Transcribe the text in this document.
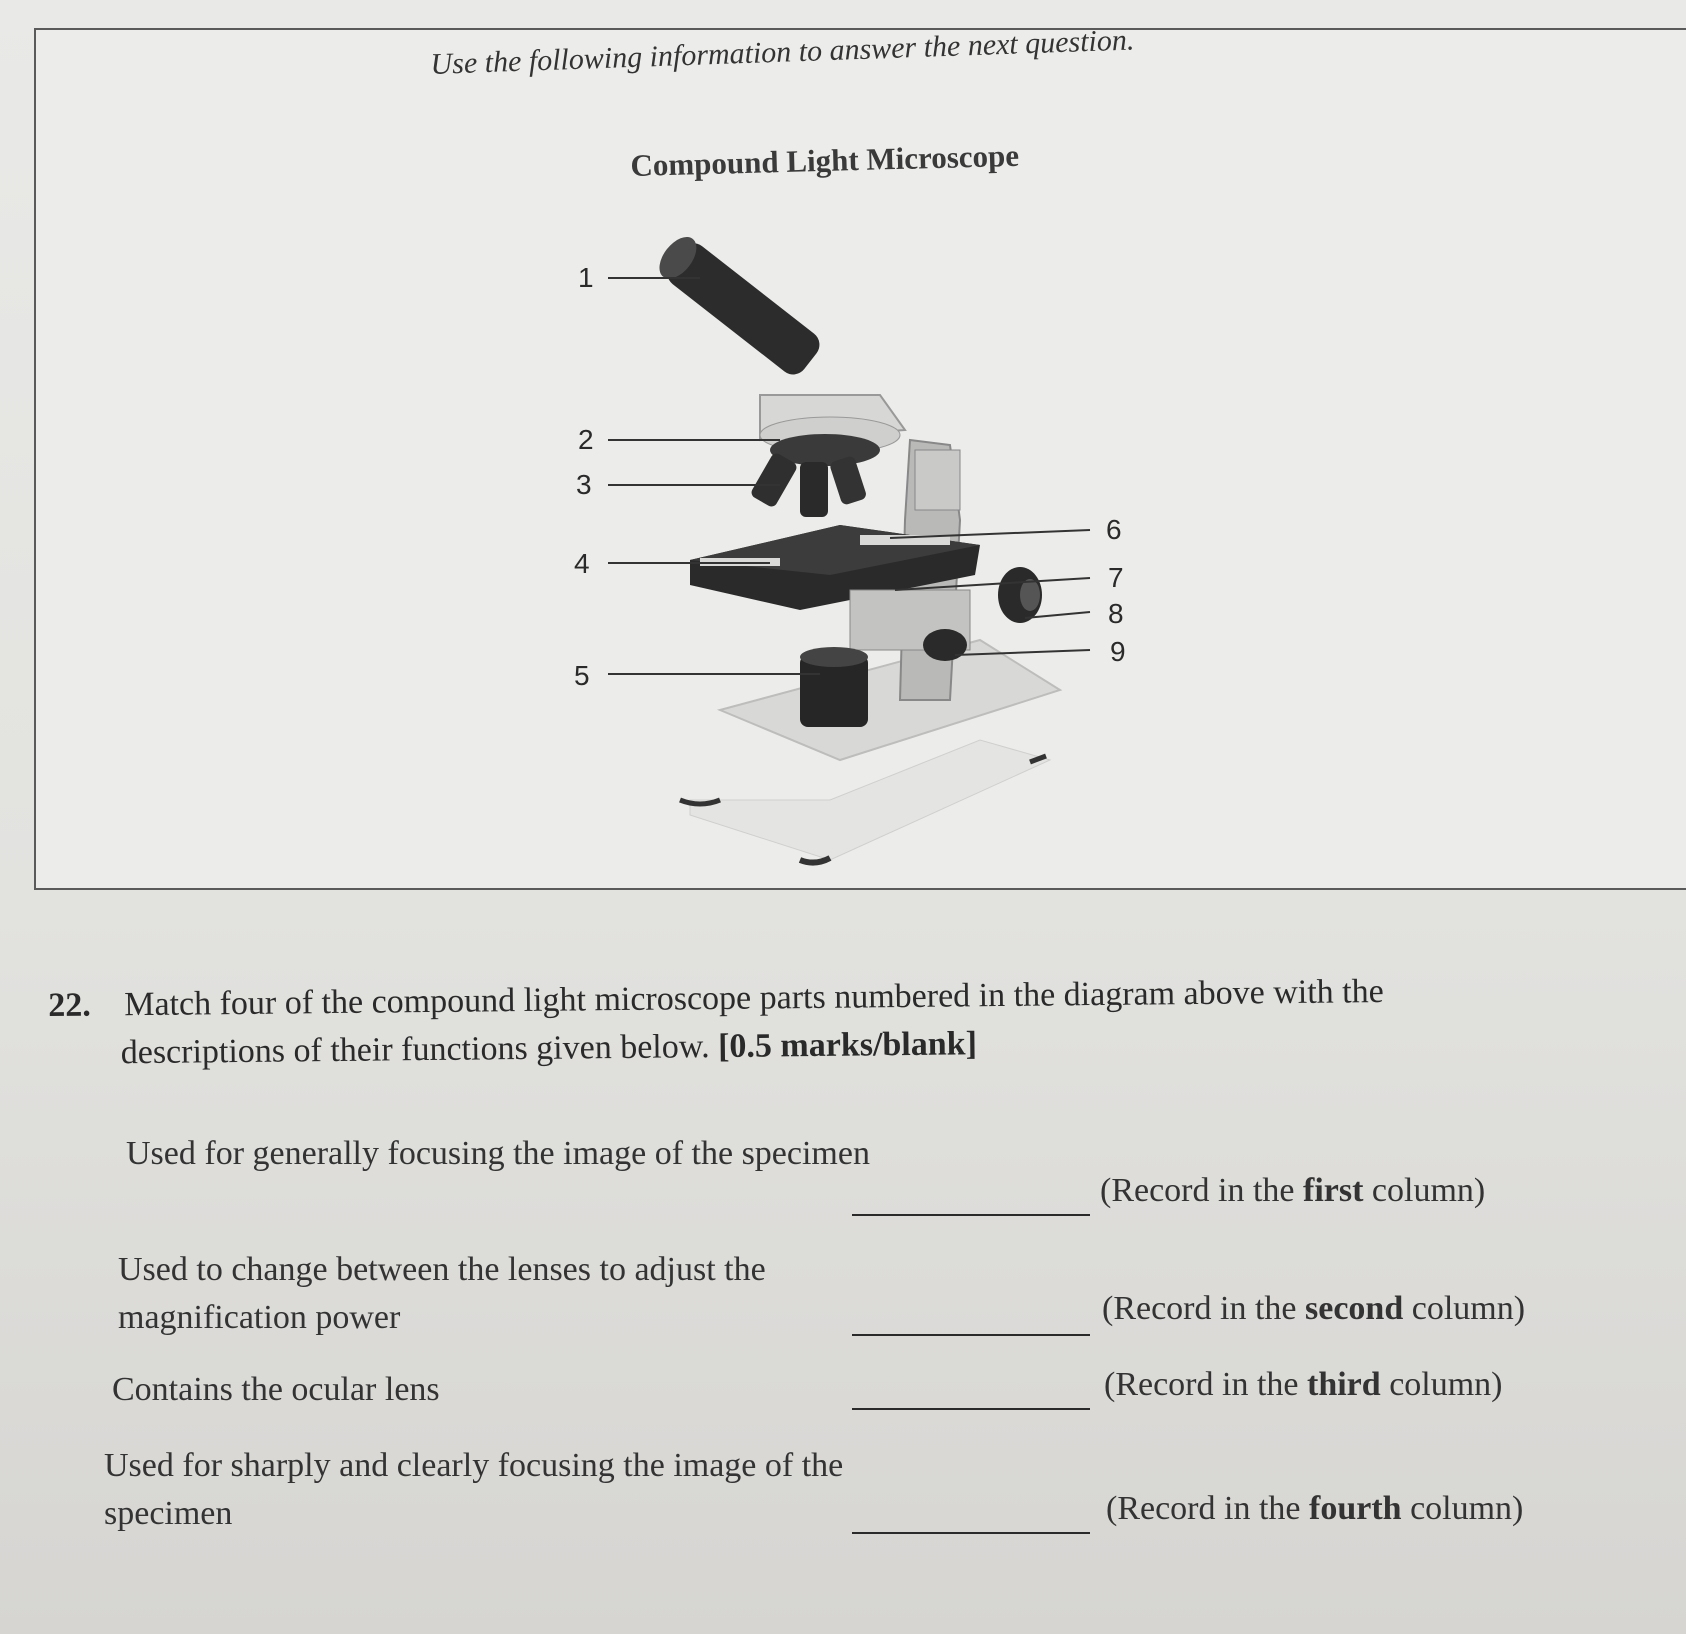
Use the following information to answer the next question.
Compound Light Microscope
1
2
3
4
5
6
7
8
9
22. Match four of the compound light microscope parts numbered in the diagram above with the
descriptions of their functions given below. [0.5 marks/blank]
Used for generally focusing the image of the specimen
(Record in the first column)
Used to change between the lenses to adjust the magnification power	(Record in the second column)
Contains the ocular lens	(Record in the third column)
Used for sharply and clearly focusing the image of the specimen	(Record in the fourth column)
